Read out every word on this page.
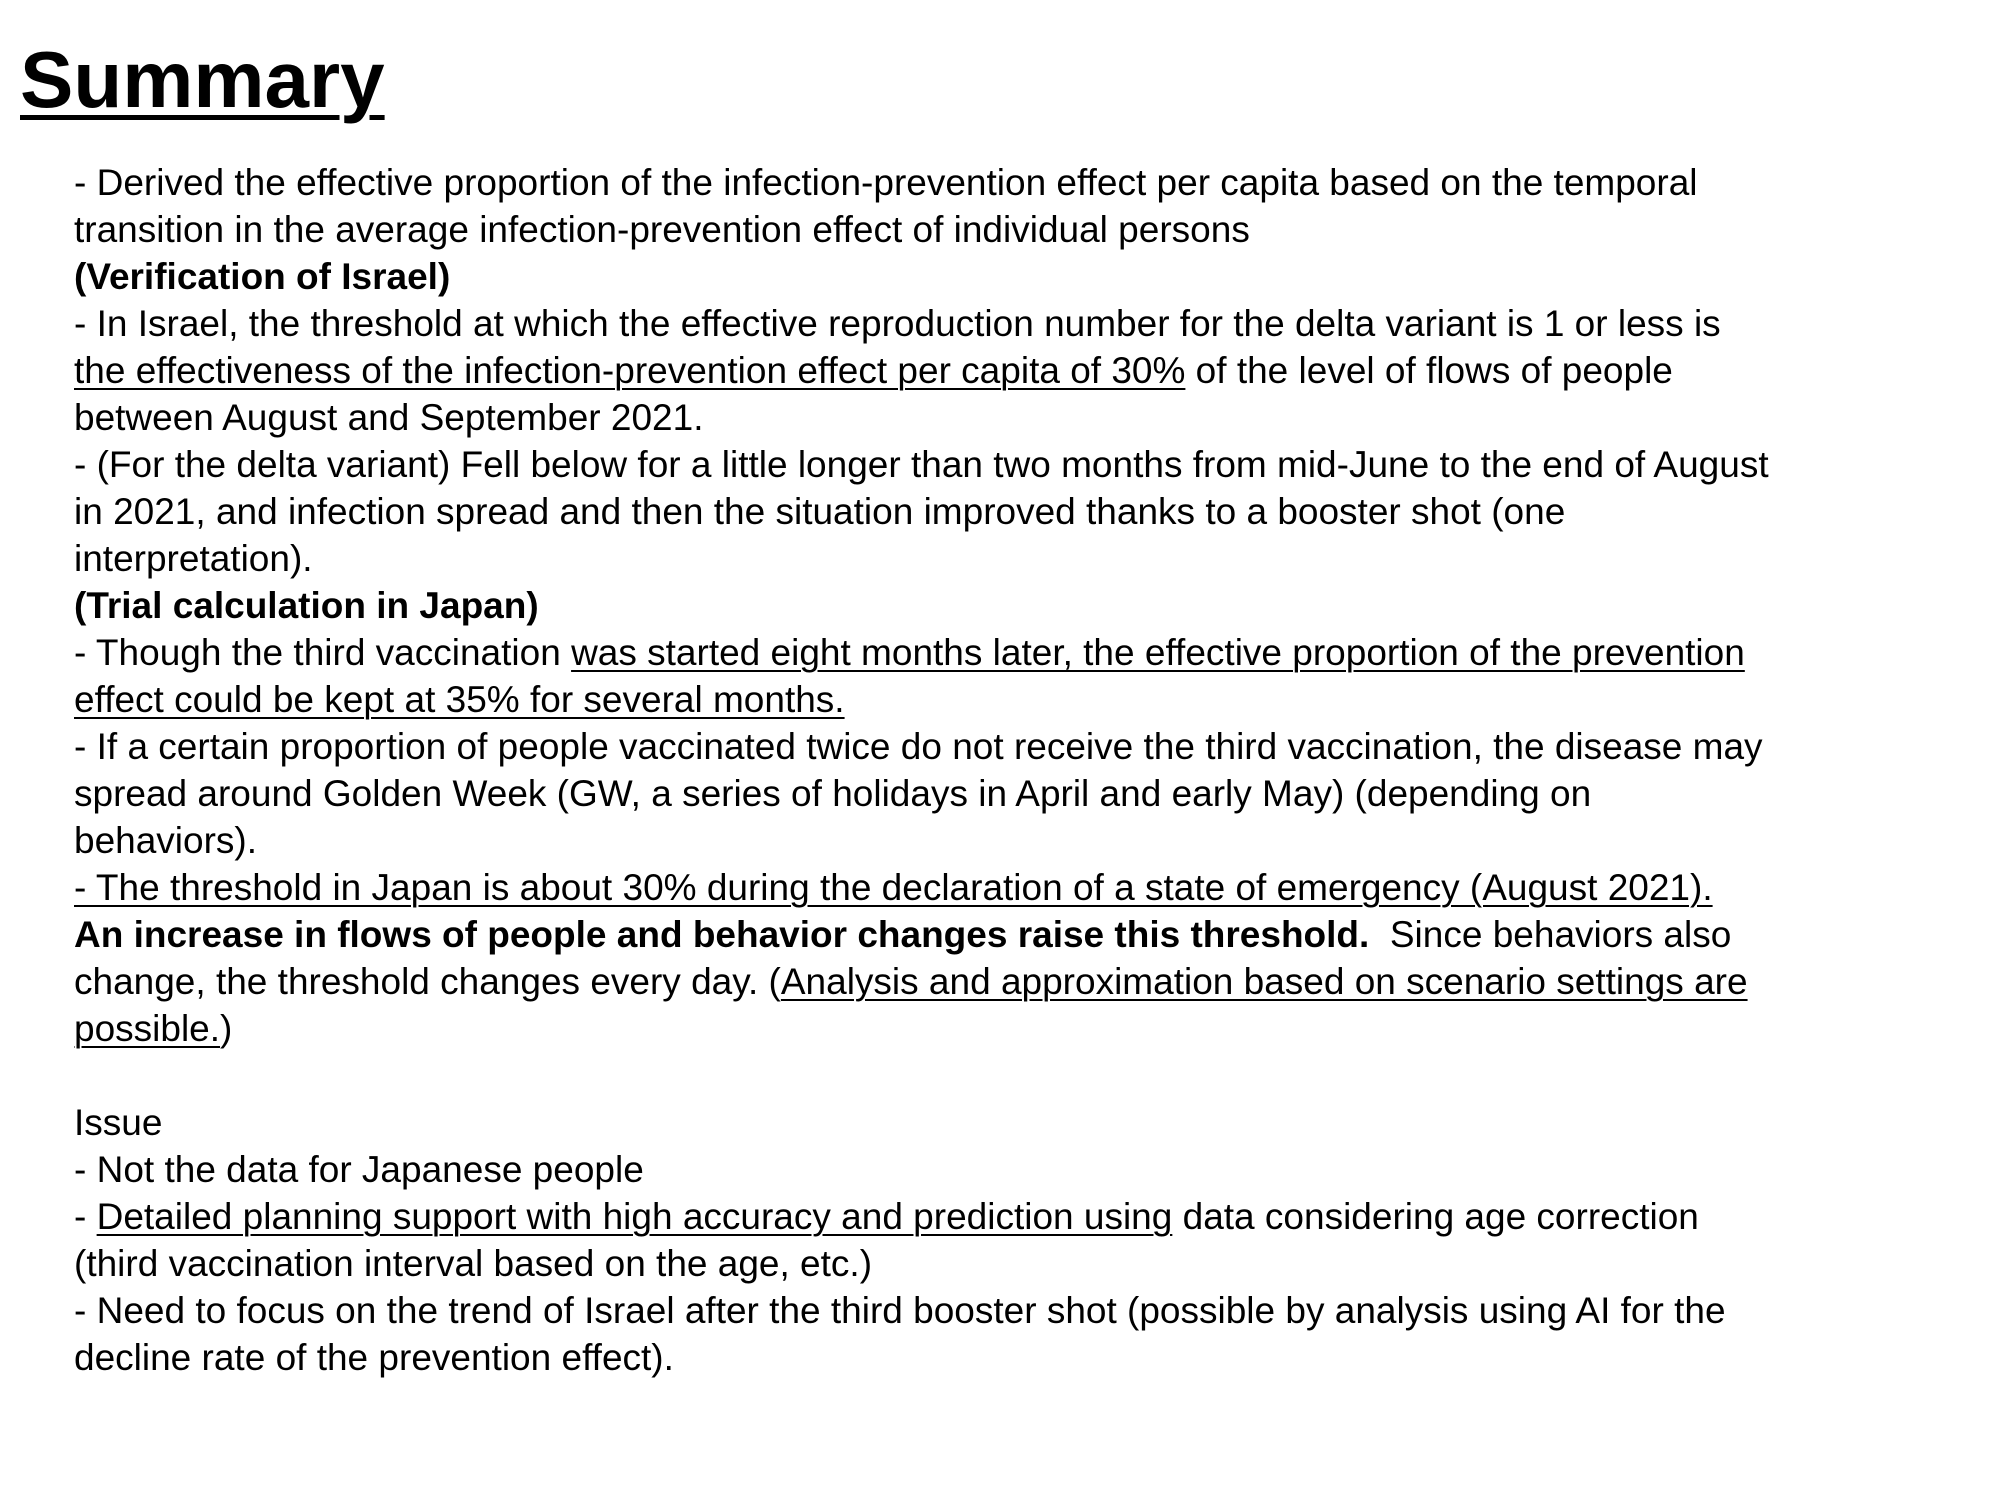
Summary
- Derived the effective proportion of the infection-prevention effect per capita based on the temporal
transition in the average infection-prevention effect of individual persons
(Verification of Israel)
- In Israel, the threshold at which the effective reproduction number for the delta variant is 1 or less is
the effectiveness of the infection-prevention effect per capita of 30% of the level of flows of people
between August and September 2021.
- (For the delta variant) Fell below for a little longer than two months from mid-June to the end of August
in 2021, and infection spread and then the situation improved thanks to a booster shot (one
interpretation).
(Trial calculation in Japan)
- Though the third vaccination was started eight months later, the effective proportion of the prevention
effect could be kept at 35% for several months.
- If a certain proportion of people vaccinated twice do not receive the third vaccination, the disease may
spread around Golden Week (GW, a series of holidays in April and early May) (depending on
behaviors).
- The threshold in Japan is about 30% during the declaration of a state of emergency (August 2021).
An increase in flows of people and behavior changes raise this threshold.  Since behaviors also
change, the threshold changes every day. (Analysis and approximation based on scenario settings are
possible.)
Issue
- Not the data for Japanese people
- Detailed planning support with high accuracy and prediction using data considering age correction
(third vaccination interval based on the age, etc.)
- Need to focus on the trend of Israel after the third booster shot (possible by analysis using AI for the
decline rate of the prevention effect).
